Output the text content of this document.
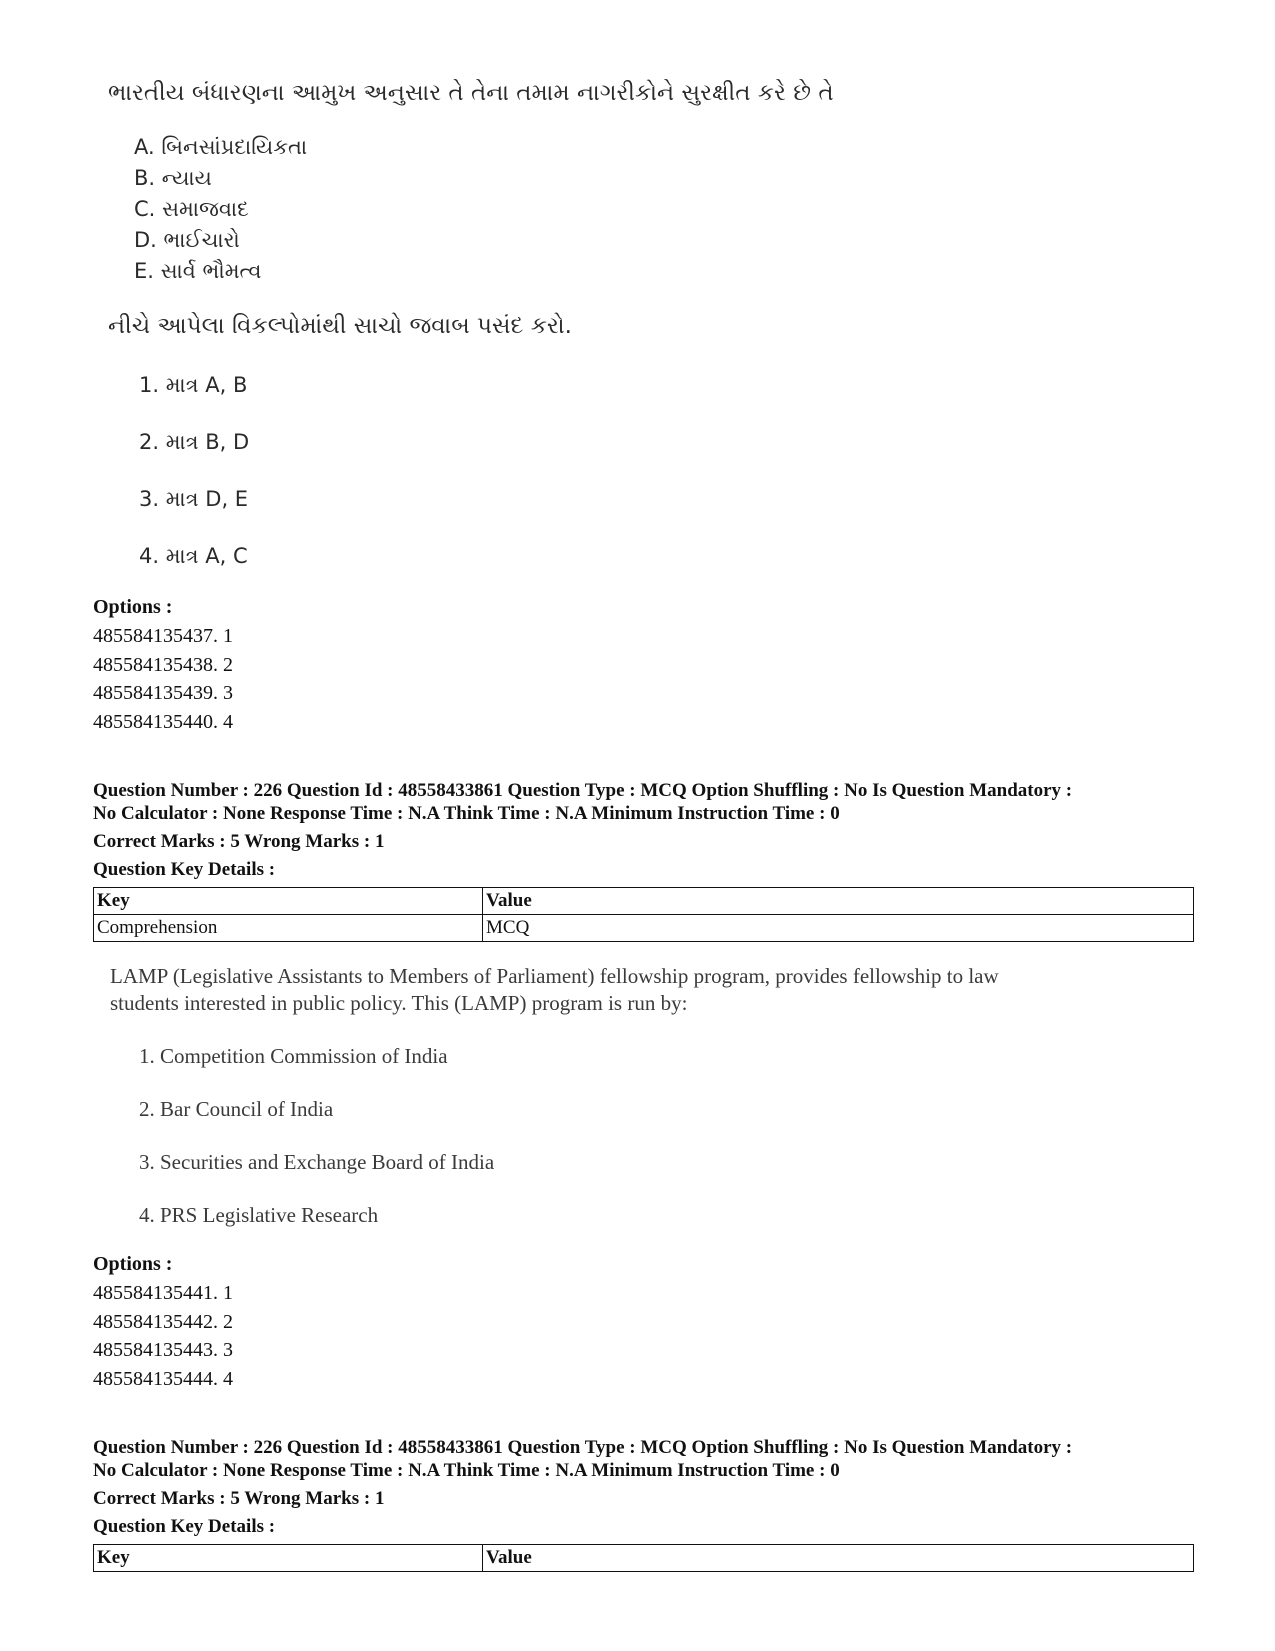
ભારતીય બંધારણના આમુખ અનુસાર તે તેના તમામ નાગરીકોને સુરક્ષીત કરે છે તે
A. બિનસાંપ્રદાયિકતા
B. ન્યાય
C. સમાજવાદ
D. ભાઈચારો
E. સાર્વ ભૌમત્વ
નીચે આપેલા વિકલ્પોમાંથી સાચો જવાબ પસંદ કરો.
1. માત્ર A, B
2. માત્ર B, D
3. માત્ર D, E
4. માત્ર A, C
Options :
485584135437. 1
485584135438. 2
485584135439. 3
485584135440. 4
Question Number : 226 Question Id : 48558433861 Question Type : MCQ Option Shuffling : No Is Question Mandatory :
No Calculator : None Response Time : N.A Think Time : N.A Minimum Instruction Time : 0
Correct Marks : 5 Wrong Marks : 1
Question Key Details :
Key	Value
Comprehension	MCQ
LAMP (Legislative Assistants to Members of Parliament) fellowship program, provides fellowship to law
students interested in public policy. This (LAMP) program is run by:
1. Competition Commission of India
2. Bar Council of India
3. Securities and Exchange Board of India
4. PRS Legislative Research
Options :
485584135441. 1
485584135442. 2
485584135443. 3
485584135444. 4
Question Number : 226 Question Id : 48558433861 Question Type : MCQ Option Shuffling : No Is Question Mandatory :
No Calculator : None Response Time : N.A Think Time : N.A Minimum Instruction Time : 0
Correct Marks : 5 Wrong Marks : 1
Question Key Details :
Key	Value
